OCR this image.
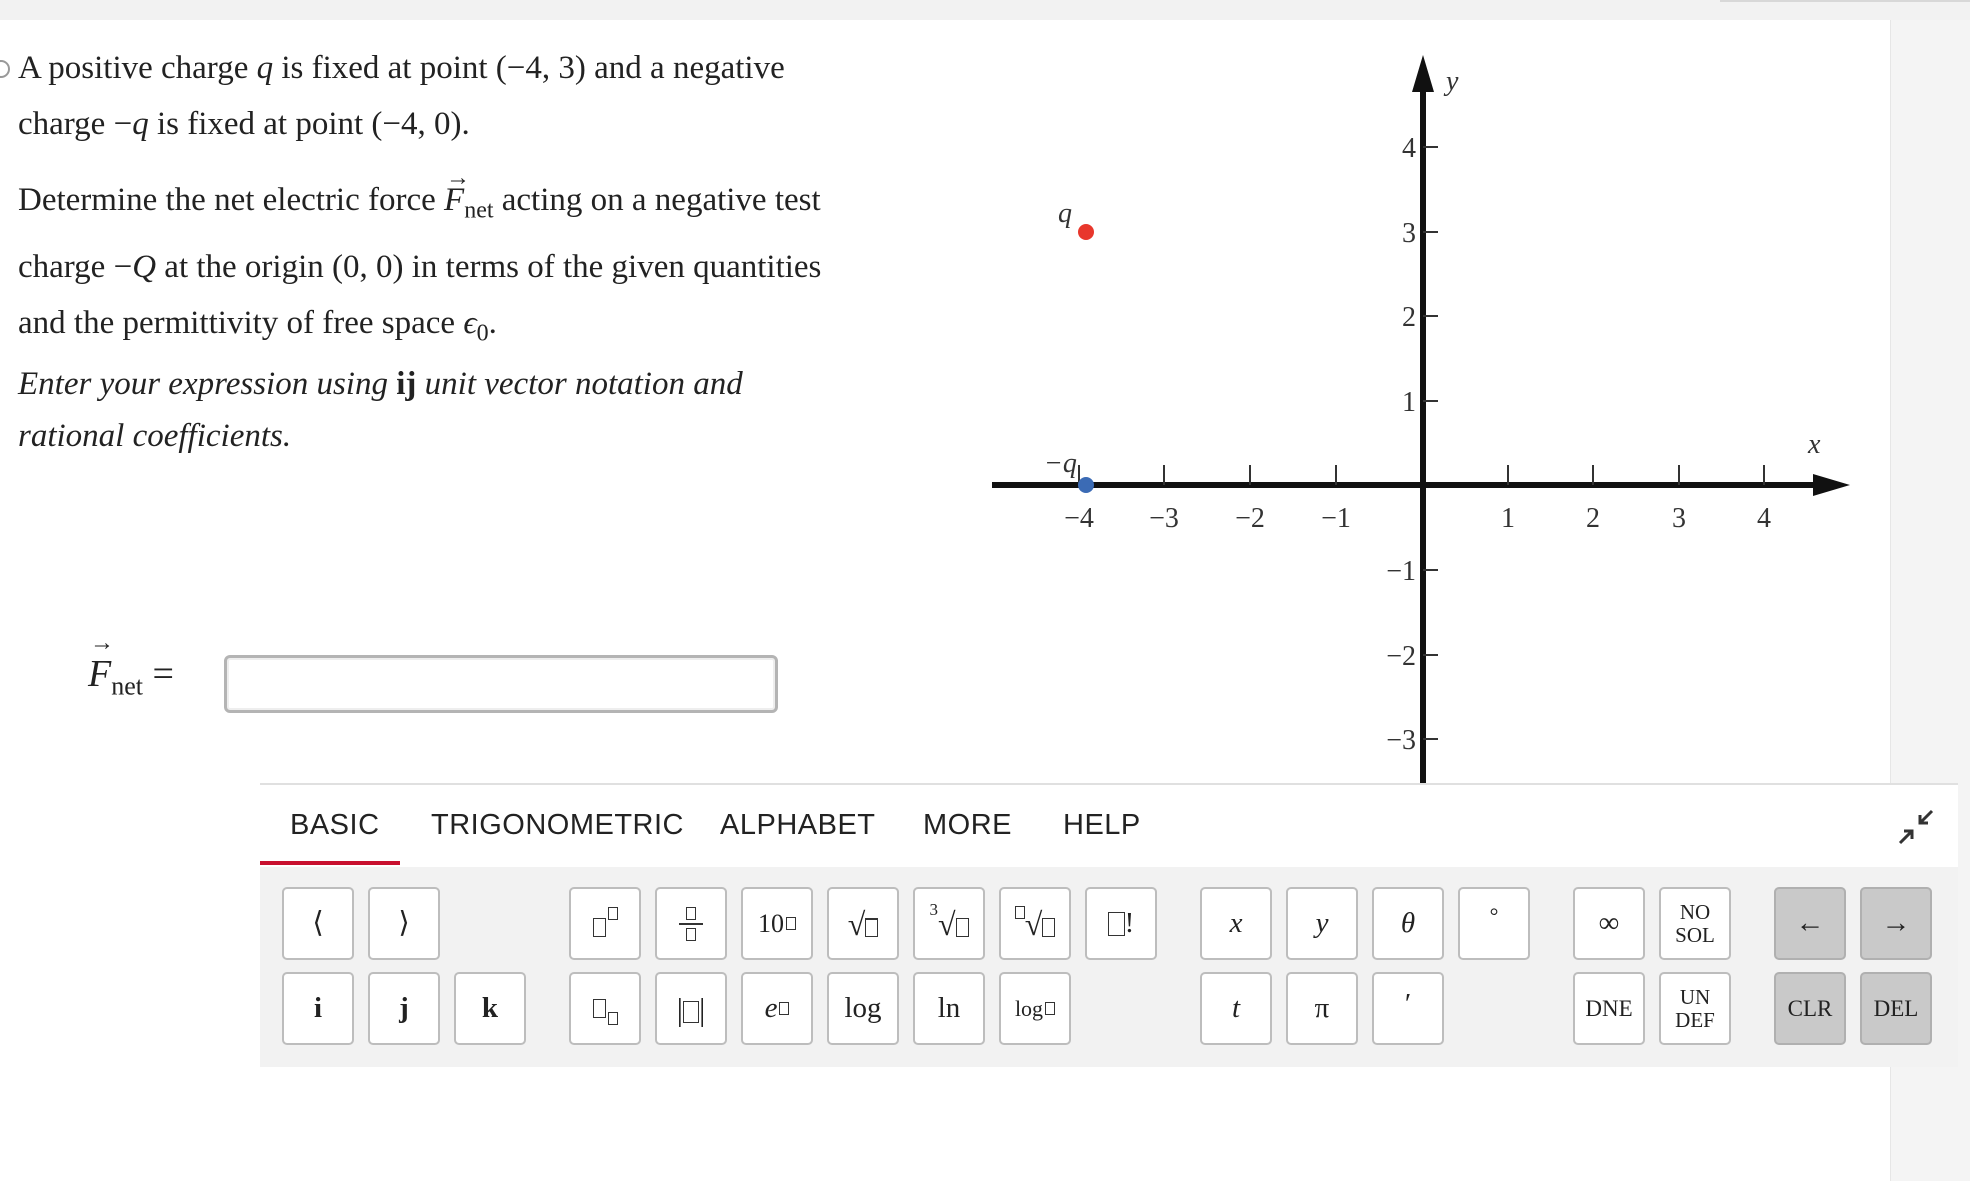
A positive charge q is fixed at point (−4, 3) and a negative
charge −q is fixed at point (−4, 0).
Determine the net electric force → $F_{net}$ acting on a negative test
charge −Q at the origin (0, 0) in terms of the given quantities
and the permittivity of free space $\epsilon_0$.
Enter your expression using ij unit vector notation and
rational coefficients.
→ $F_{net}$ =
x
y
−4 −3 −2 −1	1	2	3	4
4
3
2
1
−1
−2
−3
q
−q
BASIC TRIGONOMETRIC ALPHABET MORE HELP
⟨	⟩	10 √	3 √	√	!	x	y	θ	°	∞	NO
SOL	←	→
i	j	k	| | e	log	ln	log	t	π	′	DNE	UN
DEF	CLR	DEL
